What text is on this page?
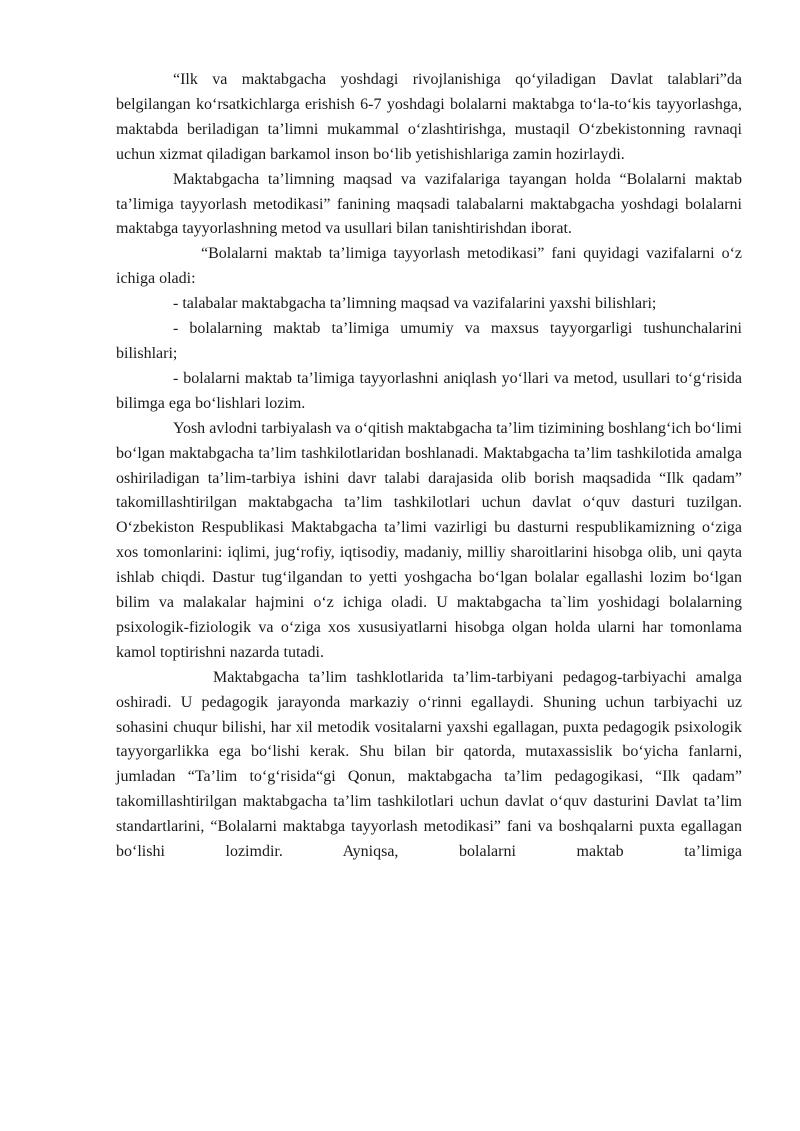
“Ilk va maktabgacha yoshdagi rivojlanishiga qo‘yiladigan Davlat talablari”da belgilangan ko‘rsatkichlarga erishish 6-7 yoshdagi bolalarni maktabga to‘la-to‘kis tayyorlashga, maktabda beriladigan ta’limni mukammal o‘zlashtirishga, mustaqil O‘zbekistonning ravnaqi uchun xizmat qiladigan barkamol inson bo‘lib yetishishlariga zamin hozirlaydi.

Maktabgacha ta’limning maqsad va vazifalariga tayangan holda “Bolalarni maktab ta’limiga tayyorlash metodikasi” fanining maqsadi talabalarni maktabgacha yoshdagi bolalarni maktabga tayyorlashning metod va usullari bilan tanishtirishdan iborat.

“Bolalarni maktab ta’limiga tayyorlash metodikasi” fani quyidagi vazifalarni o‘z ichiga oladi:

- talabalar maktabgacha ta’limning maqsad va vazifalarini yaxshi bilishlari;

- bolalarning maktab ta’limiga umumiy va maxsus tayyorgarligi tushunchalarini bilishlari;

- bolalarni maktab ta’limiga tayyorlashni aniqlash yo‘llari va metod, usullari to‘g‘risida bilimga ega bo‘lishlari lozim.

Yosh avlodni tarbiyalash va o‘qitish maktabgacha ta’lim tizimining boshlang‘ich bo‘limi bo‘lgan maktabgacha ta’lim tashkilotlaridan boshlanadi. Maktabgacha ta’lim tashkilotida amalga oshiriladigan ta’lim-tarbiya ishini davr talabi darajasida olib borish maqsadida “Ilk qadam” takomillashtirilgan maktabgacha ta’lim tashkilotlari uchun davlat o‘quv dasturi tuzilgan. O‘zbekiston Respublikasi Maktabgacha ta’limi vazirligi bu dasturni respublikamizning o‘ziga xos tomonlarini: iqlimi, jug‘rofiy, iqtisodiy, madaniy, milliy sharoitlarini hisobga olib, uni qayta ishlab chiqdi. Dastur tug‘ilgandan to yetti yoshgacha bo‘lgan bolalar egallashi lozim bo‘lgan bilim va malakalar hajmini o‘z ichiga oladi. U maktabgacha ta`lim yoshidagi bolalarning psixologik-fiziologik va o‘ziga xos xususiyatlarni hisobga olgan holda ularni har tomonlama kamol toptirishni nazarda tutadi.

Maktabgacha ta’lim tashklotlarida ta’lim-tarbiyani pedagog-tarbiyachi amalga oshiradi. U pedagogik jarayonda markaziy o‘rinni egallaydi. Shuning uchun tarbiyachi uz sohasini chuqur bilishi, har xil metodik vositalarni yaxshi egallagan, puxta pedagogik psixologik tayyorgarlikka ega bo‘lishi kerak. Shu bilan bir qatorda, mutaxassislik bo‘yicha fanlarni, jumladan “Ta’lim to‘g‘risida“gi Qonun, maktabgacha ta’lim pedagogikasi, “Ilk qadam” takomillashtirilgan maktabgacha ta’lim tashkilotlari uchun davlat o‘quv dasturini Davlat ta’lim standartlarini, “Bolalarni maktabga tayyorlash metodikasi” fani va boshqalarni puxta egallagan bo‘lishi lozimdir. Ayniqsa, bolalarni maktab ta’limiga
